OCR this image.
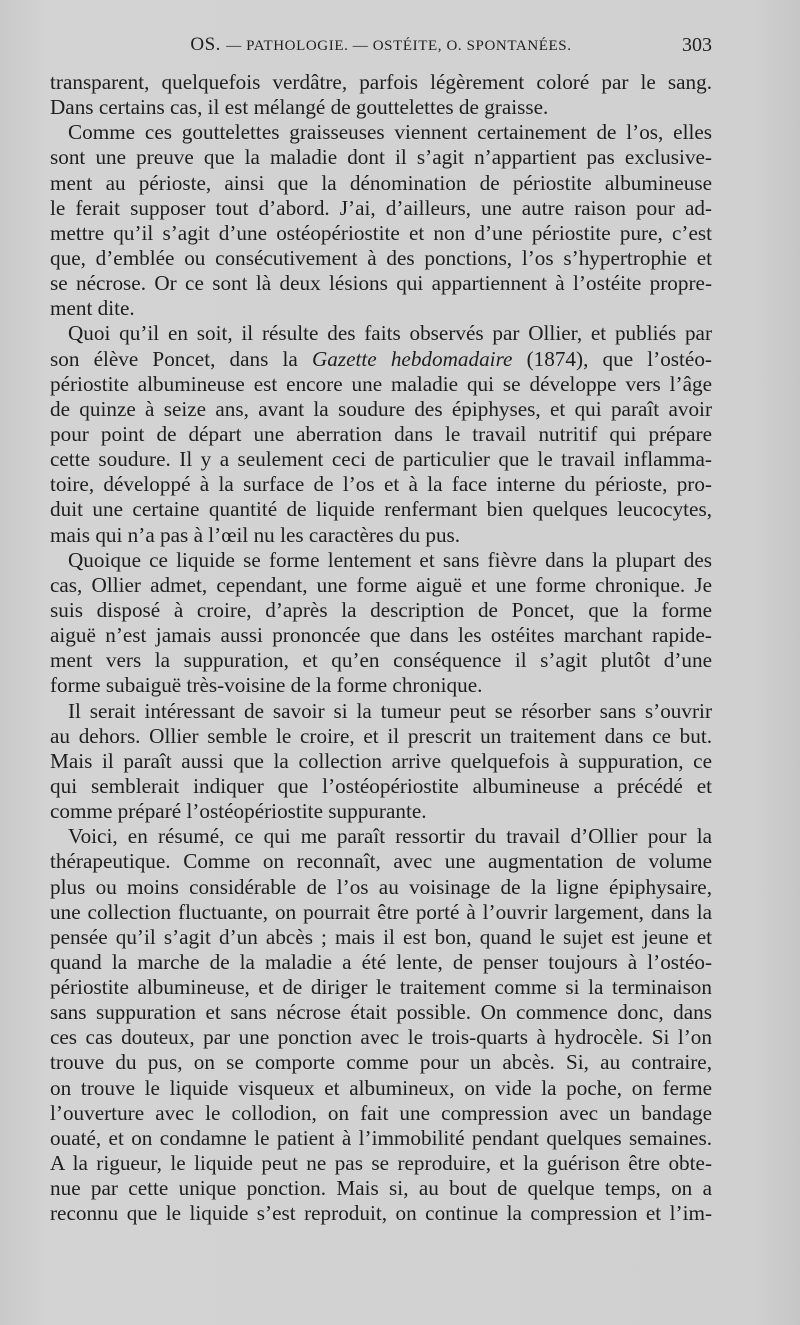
OS. — PATHOLOGIE. — OSTÉITE, O. SPONTANÉES.	303
transparent, quelquefois verdâtre, parfois légèrement coloré par le sang.
Dans certains cas, il est mélangé de gouttelettes de graisse.
Comme ces gouttelettes graisseuses viennent certainement de l’os, elles
sont une preuve que la maladie dont il s’agit n’appartient pas exclusive-
ment au périoste, ainsi que la dénomination de périostite albumineuse
le ferait supposer tout d’abord. J’ai, d’ailleurs, une autre raison pour ad-
mettre qu’il s’agit d’une ostéopériostite et non d’une périostite pure, c’est
que, d’emblée ou consécutivement à des ponctions, l’os s’hypertrophie et
se nécrose. Or ce sont là deux lésions qui appartiennent à l’ostéite propre-
ment dite.
Quoi qu’il en soit, il résulte des faits observés par Ollier, et publiés par
son élève Poncet, dans la Gazette hebdomadaire (1874), que l’ostéo-
périostite albumineuse est encore une maladie qui se développe vers l’âge
de quinze à seize ans, avant la soudure des épiphyses, et qui paraît avoir
pour point de départ une aberration dans le travail nutritif qui prépare
cette soudure. Il y a seulement ceci de particulier que le travail inflamma-
toire, développé à la surface de l’os et à la face interne du périoste, pro-
duit une certaine quantité de liquide renfermant bien quelques leucocytes,
mais qui n’a pas à l’œil nu les caractères du pus.
Quoique ce liquide se forme lentement et sans fièvre dans la plupart des
cas, Ollier admet, cependant, une forme aiguë et une forme chronique. Je
suis disposé à croire, d’après la description de Poncet, que la forme
aiguë n’est jamais aussi prononcée que dans les ostéites marchant rapide-
ment vers la suppuration, et qu’en conséquence il s’agit plutôt d’une
forme subaiguë très-voisine de la forme chronique.
Il serait intéressant de savoir si la tumeur peut se résorber sans s’ouvrir
au dehors. Ollier semble le croire, et il prescrit un traitement dans ce but.
Mais il paraît aussi que la collection arrive quelquefois à suppuration, ce
qui semblerait indiquer que l’ostéopériostite albumineuse a précédé et
comme préparé l’ostéopériostite suppurante.
Voici, en résumé, ce qui me paraît ressortir du travail d’Ollier pour la
thérapeutique. Comme on reconnaît, avec une augmentation de volume
plus ou moins considérable de l’os au voisinage de la ligne épiphysaire,
une collection fluctuante, on pourrait être porté à l’ouvrir largement, dans la
pensée qu’il s’agit d’un abcès ; mais il est bon, quand le sujet est jeune et
quand la marche de la maladie a été lente, de penser toujours à l’ostéo-
périostite albumineuse, et de diriger le traitement comme si la terminaison
sans suppuration et sans nécrose était possible. On commence donc, dans
ces cas douteux, par une ponction avec le trois-quarts à hydrocèle. Si l’on
trouve du pus, on se comporte comme pour un abcès. Si, au contraire,
on trouve le liquide visqueux et albumineux, on vide la poche, on ferme
l’ouverture avec le collodion, on fait une compression avec un bandage
ouaté, et on condamne le patient à l’immobilité pendant quelques semaines.
A la rigueur, le liquide peut ne pas se reproduire, et la guérison être obte-
nue par cette unique ponction. Mais si, au bout de quelque temps, on a
reconnu que le liquide s’est reproduit, on continue la compression et l’im-
